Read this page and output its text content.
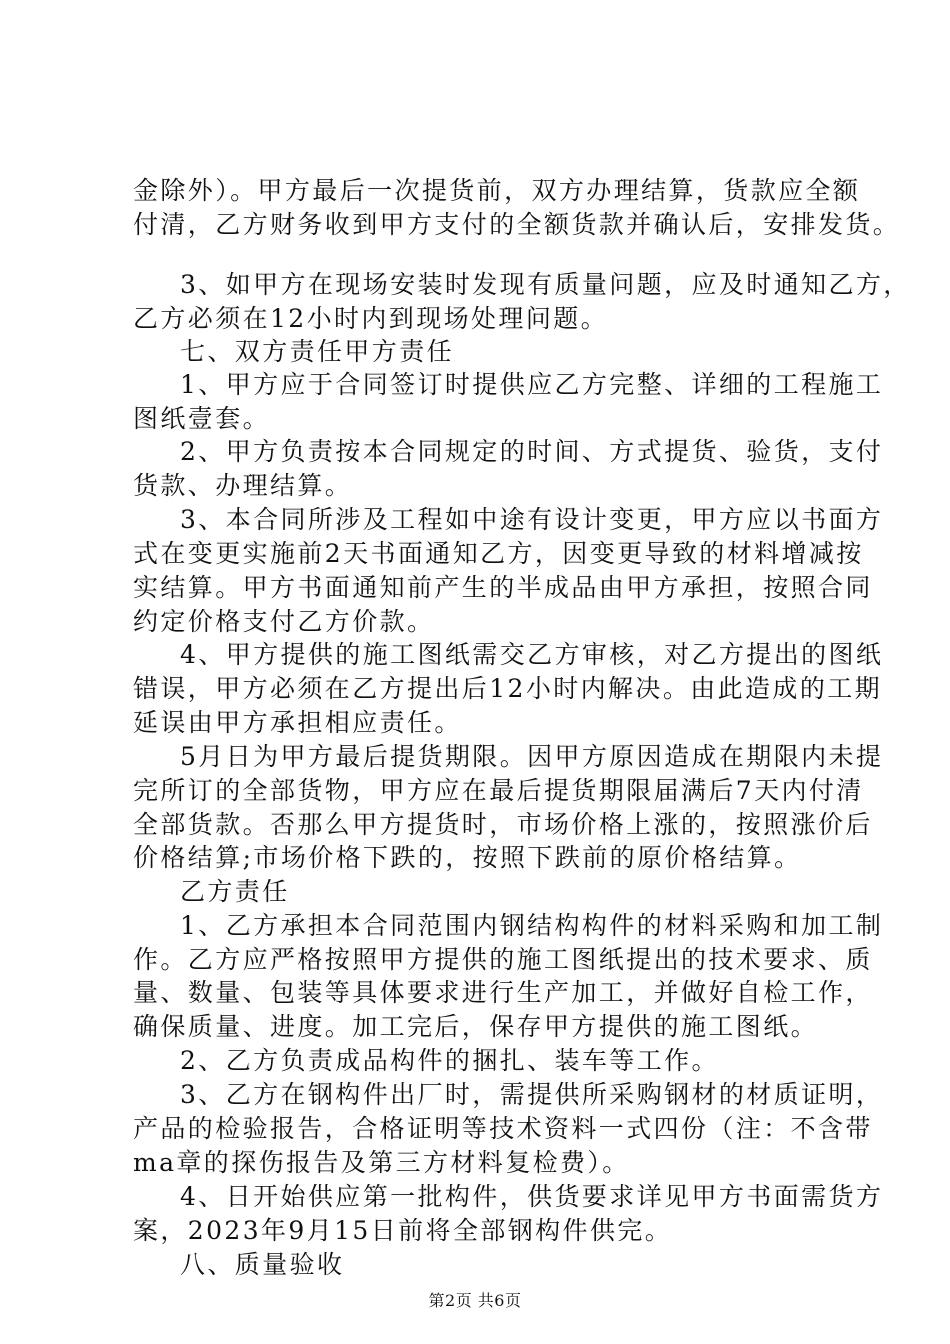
金除外）。甲方最后一次提货前，双方办理结算，货款应全额
付清，乙方财务收到甲方支付的全额货款并确认后，安排发货。
3、如甲方在现场安装时发现有质量问题，应及时通知乙方，
乙方必须在12小时内到现场处理问题。
七、双方责任甲方责任
1、甲方应于合同签订时提供应乙方完整、详细的工程施工
图纸壹套。
2、甲方负责按本合同规定的时间、方式提货、验货，支付
货款、办理结算。
3、本合同所涉及工程如中途有设计变更，甲方应以书面方
式在变更实施前2天书面通知乙方，因变更导致的材料增减按
实结算。甲方书面通知前产生的半成品由甲方承担，按照合同
约定价格支付乙方价款。
4、甲方提供的施工图纸需交乙方审核，对乙方提出的图纸
错误，甲方必须在乙方提出后12小时内解决。由此造成的工期
延误由甲方承担相应责任。
5月日为甲方最后提货期限。因甲方原因造成在期限内未提
完所订的全部货物，甲方应在最后提货期限届满后7天内付清
全部货款。否那么甲方提货时，市场价格上涨的，按照涨价后
价格结算;市场价格下跌的，按照下跌前的原价格结算。
乙方责任
1、乙方承担本合同范围内钢结构构件的材料采购和加工制
作。乙方应严格按照甲方提供的施工图纸提出的技术要求、质
量、数量、包装等具体要求进行生产加工，并做好自检工作，
确保质量、进度。加工完后，保存甲方提供的施工图纸。
2、乙方负责成品构件的捆扎、装车等工作。
3、乙方在钢构件出厂时，需提供所采购钢材的材质证明，
产品的检验报告，合格证明等技术资料一式四份（注：不含带
ma章的探伤报告及第三方材料复检费）。
4、日开始供应第一批构件，供货要求详见甲方书面需货方
案，2023年9月15日前将全部钢构件供完。
八、质量验收
第2页 共6页
